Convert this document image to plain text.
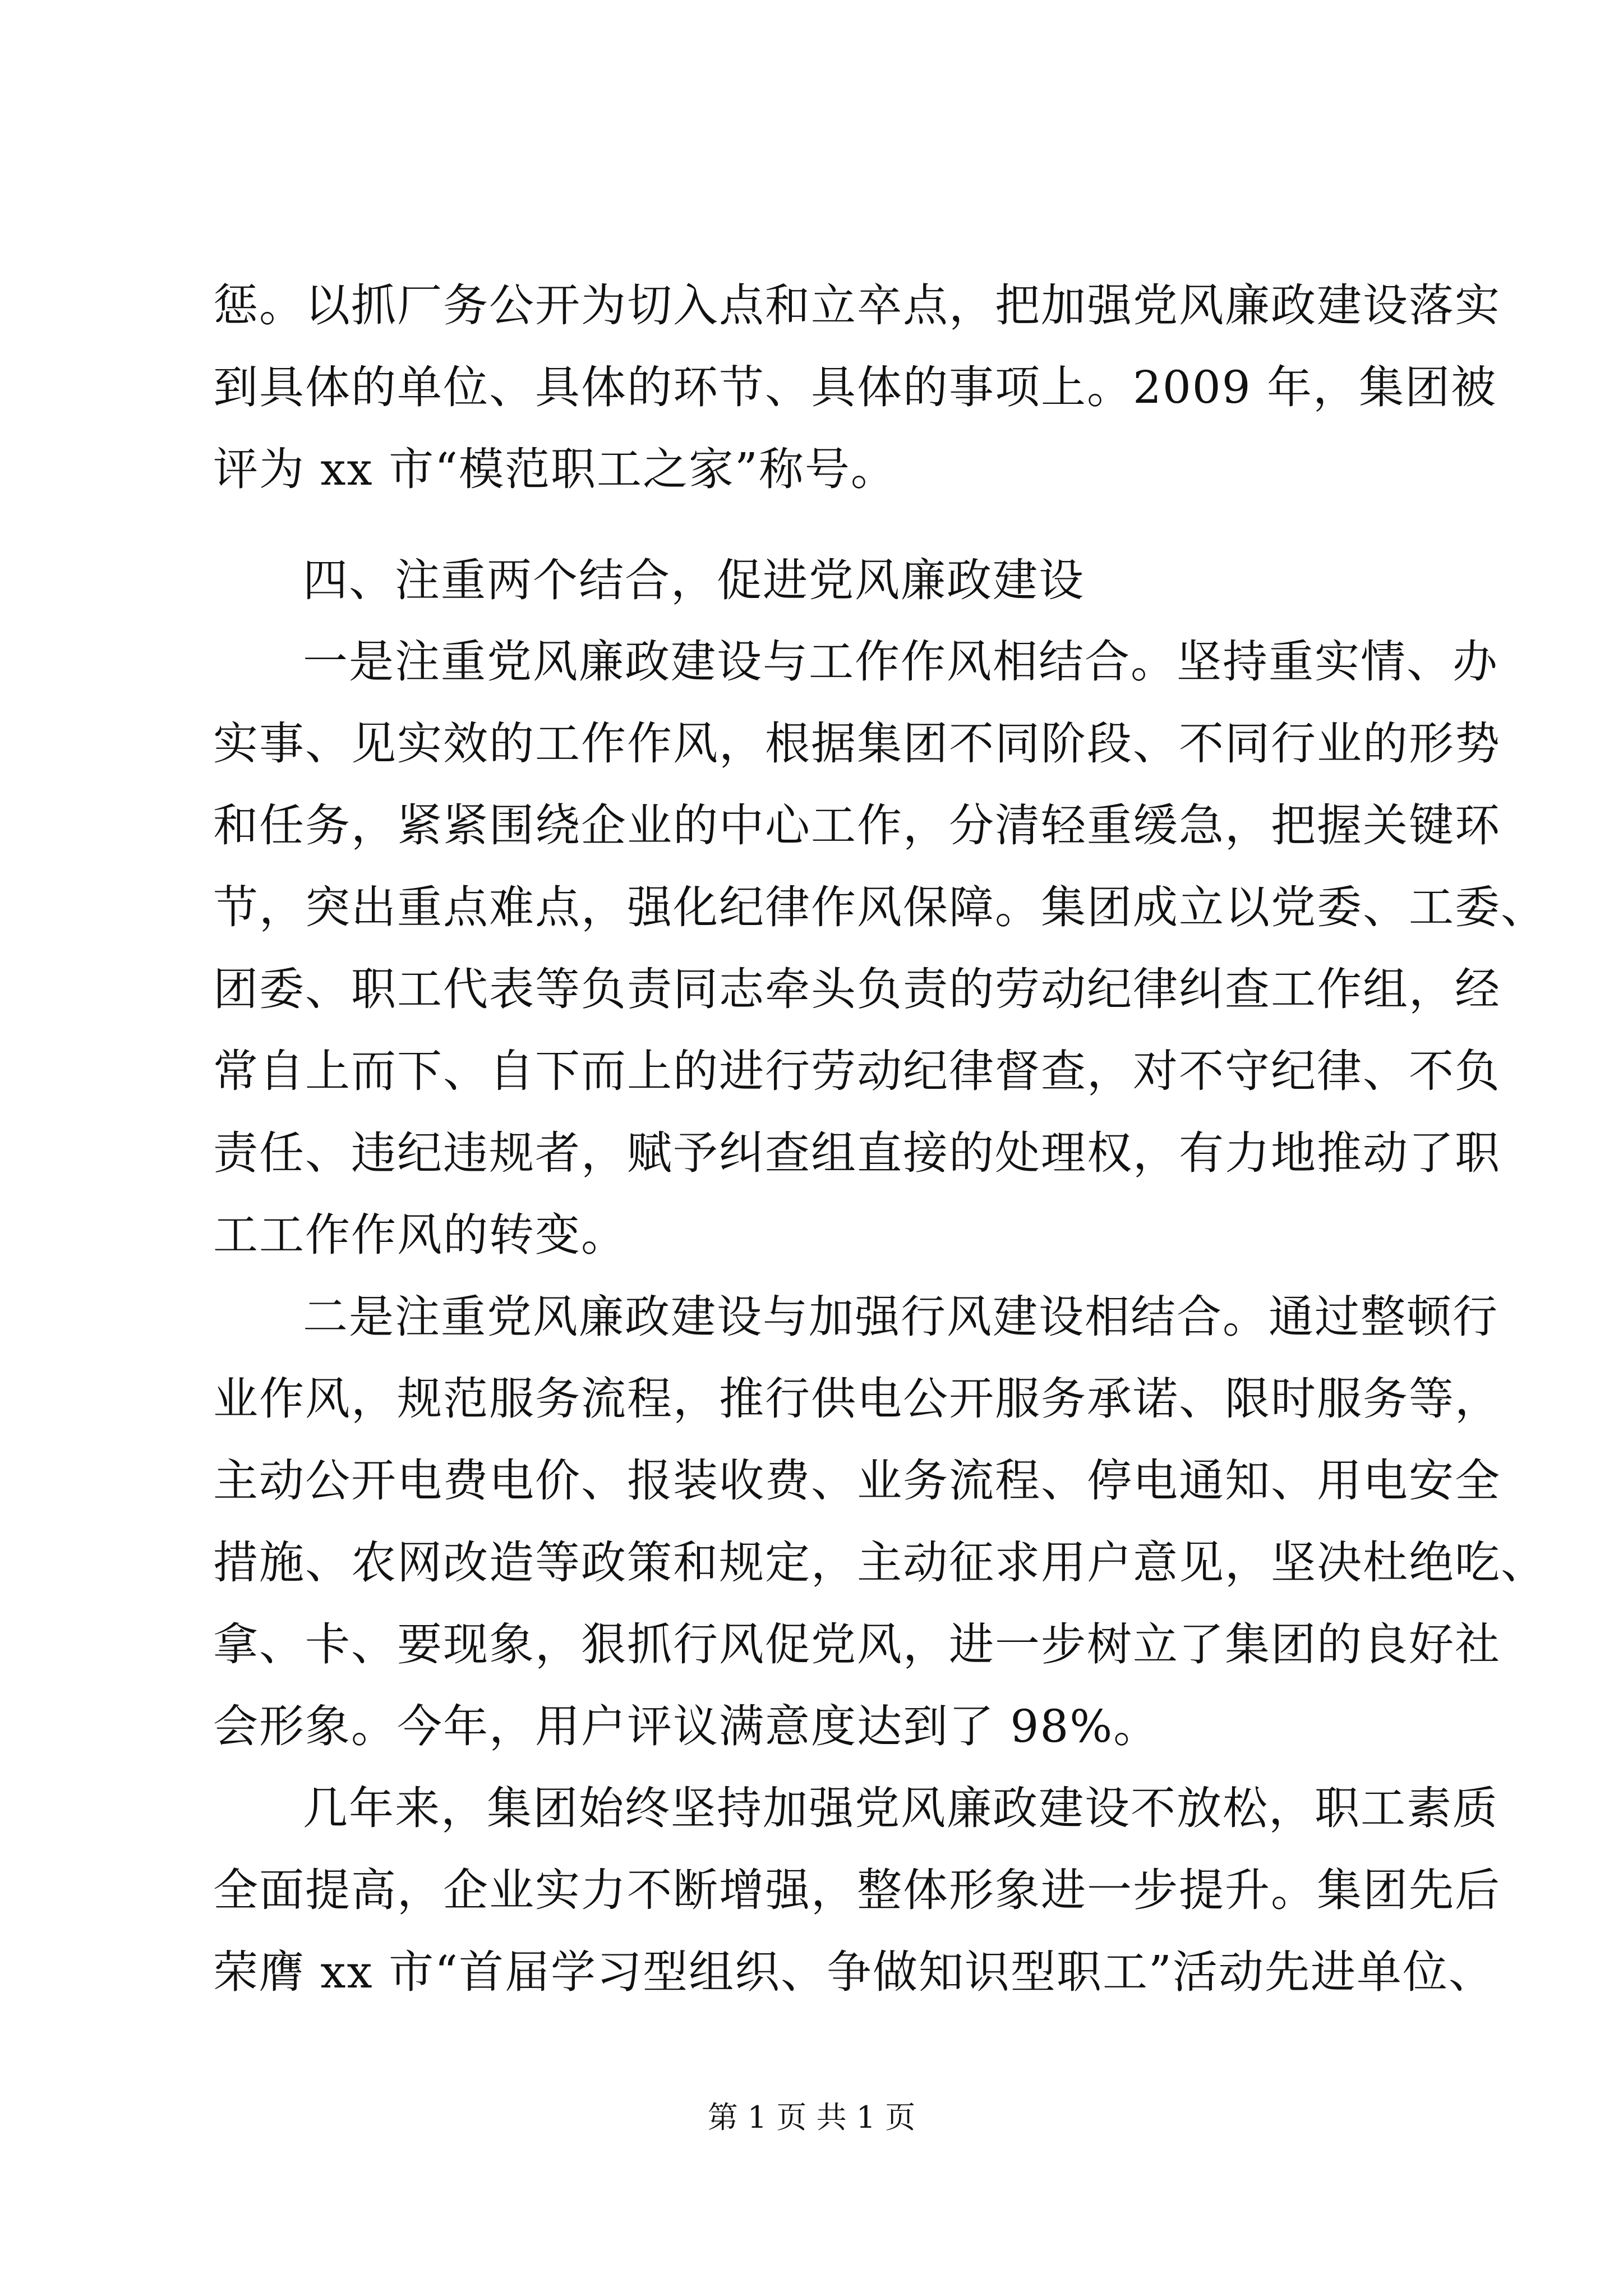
惩。以抓厂务公开为切入点和立卒点，把加强党风廉政建设落实
到具体的单位、具体的环节、具体的事项上。2009 年，集团被
评为 xx 市“模范职工之家”称号。
四、注重两个结合，促进党风廉政建设
一是注重党风廉政建设与工作作风相结合。坚持重实情、办
实事、见实效的工作作风，根据集团不同阶段、不同行业的形势
和任务，紧紧围绕企业的中心工作，分清轻重缓急，把握关键环
节，突出重点难点，强化纪律作风保障。集团成立以党委、工委、
团委、职工代表等负责同志牵头负责的劳动纪律纠查工作组，经
常自上而下、自下而上的进行劳动纪律督查，对不守纪律、不负
责任、违纪违规者，赋予纠查组直接的处理权，有力地推动了职
工工作作风的转变。
二是注重党风廉政建设与加强行风建设相结合。通过整顿行
业作风，规范服务流程，推行供电公开服务承诺、限时服务等，
主动公开电费电价、报装收费、业务流程、停电通知、用电安全
措施、农网改造等政策和规定，主动征求用户意见，坚决杜绝吃、
拿、卡、要现象，狠抓行风促党风，进一步树立了集团的良好社
会形象。今年，用户评议满意度达到了 98%。
几年来，集团始终坚持加强党风廉政建设不放松，职工素质
全面提高，企业实力不断增强，整体形象进一步提升。集团先后
荣膺 xx 市“首届学习型组织、争做知识型职工”活动先进单位、
第 1 页 共 1 页
